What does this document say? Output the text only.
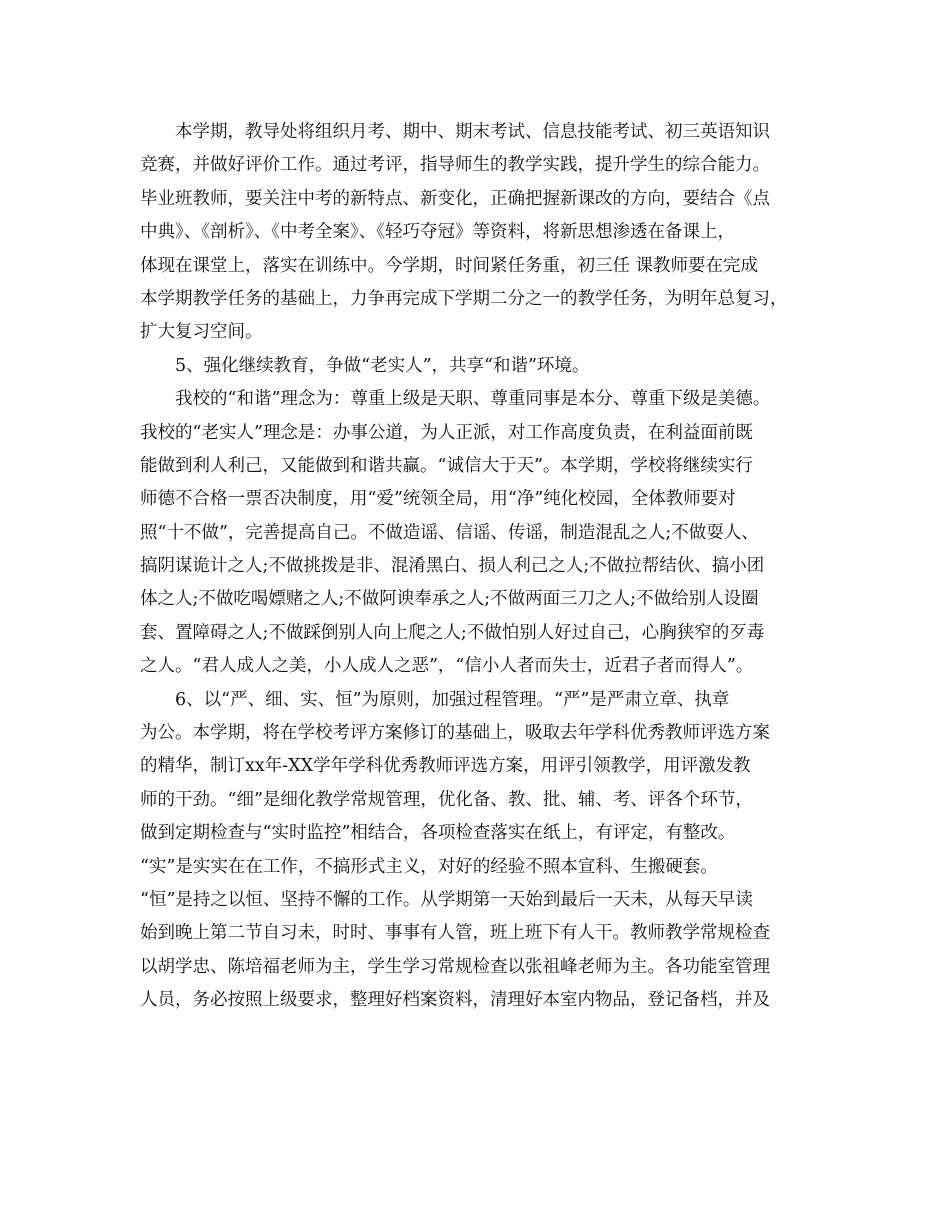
本学期，教导处将组织月考、期中、期末考试、信息技能考试、初三英语知识
竞赛，并做好评价工作。通过考评，指导师生的教学实践，提升学生的综合能力。
毕业班教师，要关注中考的新特点、新变化，正确把握新课改的方向，要结合《点
中典》、《剖析》、《中考全案》、《轻巧夺冠》等资料，将新思想渗透在备课上，
体现在课堂上，落实在训练中。今学期，时间紧任务重，初三任 课教师要在完成
本学期教学任务的基础上，力争再完成下学期二分之一的教学任务，为明年总复习，
扩大复习空间。
5、强化继续教育，争做“老实人”，共享“和谐”环境。
我校的“和谐”理念为：尊重上级是天职、尊重同事是本分、尊重下级是美德。
我校的“老实人”理念是：办事公道，为人正派，对工作高度负责，在利益面前既
能做到利人利己，又能做到和谐共赢。“诚信大于天”。本学期，学校将继续实行
师德不合格一票否决制度，用“爱”统领全局，用“净”纯化校园，全体教师要对
照“十不做”，完善提高自己。不做造谣、信谣、传谣，制造混乱之人;不做耍人、
搞阴谋诡计之人;不做挑拨是非、混淆黑白、损人利己之人;不做拉帮结伙、搞小团
体之人;不做吃喝嫖赌之人;不做阿谀奉承之人;不做两面三刀之人;不做给别人设圈
套、置障碍之人;不做踩倒别人向上爬之人;不做怕别人好过自己，心胸狭窄的歹毒
之人。“君人成人之美，小人成人之恶”，“信小人者而失士，近君子者而得人”。
6、以“严、细、实、恒”为原则，加强过程管理。“严”是严肃立章、执章
为公。本学期，将在学校考评方案修订的基础上，吸取去年学科优秀教师评选方案
的精华，制订xx年-XX学年学科优秀教师评选方案，用评引领教学，用评激发教
师的干劲。“细”是细化教学常规管理，优化备、教、批、辅、考、评各个环节，
做到定期检查与“实时监控”相结合，各项检查落实在纸上，有评定，有整改。
“实”是实实在在工作，不搞形式主义，对好的经验不照本宣科、生搬硬套。
“恒”是持之以恒、坚持不懈的工作。从学期第一天始到最后一天未，从每天早读
始到晚上第二节自习未，时时、事事有人管，班上班下有人干。教师教学常规检查
以胡学忠、陈培福老师为主，学生学习常规检查以张祖峰老师为主。各功能室管理
人员，务必按照上级要求，整理好档案资料，清理好本室内物品，登记备档，并及
